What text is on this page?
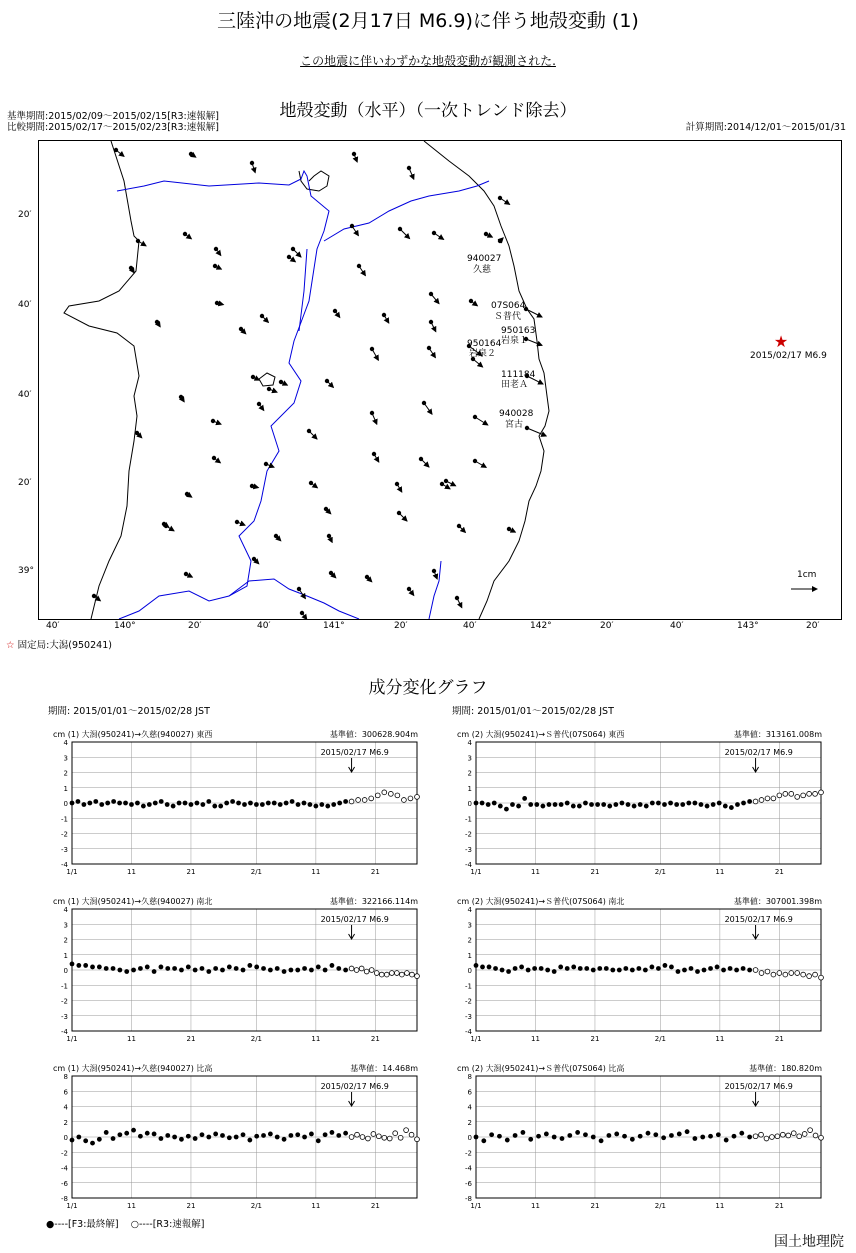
三陸沖の地震(2月17日 M6.9)に伴う地殻変動 (1)
この地震に伴いわずかな地殻変動が観測された.
地殻変動（水平）（一次トレンド除去）
基準期間:2015/02/09～2015/02/15[R3:速報解]
比較期間:2015/02/17～2015/02/23[R3:速報解]	計算期間:2014/12/01～2015/01/31
940027
久慈
07S064
Ｓ普代
950163
岩泉１
950164
岩泉２
111184
田老Ａ
940028
宮古
★
2015/02/17 M6.9
1cm
20′
40′
40′
20′
39°
40′	140°	20′	40′	141°	20′	40′	142°	20′	40′	143°	20′
☆ 固定局:大潟(950241)
成分変化グラフ
期間: 2015/01/01～2015/02/28 JST	期間: 2015/01/01～2015/02/28 JST
cm (1) 大潟(950241)→久慈(940027) 東西	基準値：300628.904m
-4
-3
-2
-1
0
1
2
3
4
1/1	11	21	2/1	11	21
2015/02/17 M6.9
cm (2) 大潟(950241)→Ｓ普代(07S064) 東西	基準値：313161.008m
-4
-3
-2
-1
0
1
2
3
4
1/1	11	21	2/1	11	21
2015/02/17 M6.9
cm (1) 大潟(950241)→久慈(940027) 南北	基準値：322166.114m
-4
-3
-2
-1
0
1
2
3
4
1/1	11	21	2/1	11	21
2015/02/17 M6.9
cm (2) 大潟(950241)→Ｓ普代(07S064) 南北	基準値：307001.398m
-4
-3
-2
-1
0
1
2
3
4
1/1	11	21	2/1	11	21
2015/02/17 M6.9
cm (1) 大潟(950241)→久慈(940027) 比高	基準値：14.468m
-8
-6
-4
-2
0
2
4
6
8
1/1	11	21	2/1	11	21
2015/02/17 M6.9
cm (2) 大潟(950241)→Ｓ普代(07S064) 比高	基準値：180.820m
-8
-6
-4
-2
0
2
4
6
8
1/1	11	21	2/1	11	21
2015/02/17 M6.9
●----[F3:最終解] ○----[R3:速報解]
国土地理院
